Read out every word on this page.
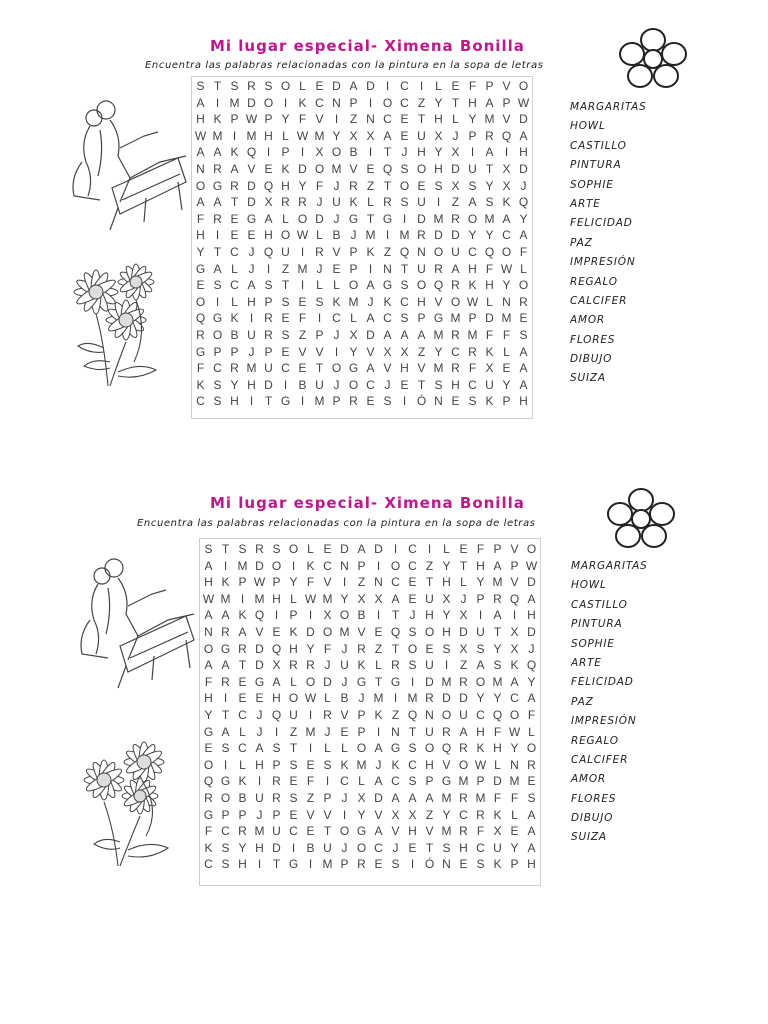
Mi lugar especial- Ximena Bonilla
Encuentra las palabras relacionadas con la pintura en la sopa de letras
S T S R S O L E D A D I C I L E F P V O
A I M D O I K C N P I O C Z Y T H A P W
H K P W P Y F V I Z N C E T H L Y M V D
W M I M H L W M Y X X A E U X J P R Q A
A A K Q I P I X O B I T J H Y X I A I H
N R A V E K D O M V E Q S O H D U T X D
O G R D Q H Y F J R Z T O E S X S Y X J
A A T D X R R J U K L R S U I Z A S K Q
F R E G A L O D J G T G I D M R O M A Y
H I E E H O W L B J M I M R D D Y Y C A
Y T C J Q U I R V P K Z Q N O U C Q O F
G A L J	I Z M J E P I N T U R A H F W L
E S C A S T I L L O A G S O Q R K H Y O
O I L H P S E S K M J K C H V O W L N R
Q G K I R E F I C L A C S P G M P D M E
R O B U R S Z P J X D A A A M R M F F S
G P P J P E V V I Y V X X Z Y C R K L A
F C R M U C E T O G A V H V M R F X E A
K S Y H D I B U J O C J E T S H C U Y A
C S H I T G I M P R E S I Ó N E S K P H
MARGARITAS
HOWL
CASTILLO
PINTURA
SOPHIE
ARTE
FELICIDAD
PAZ
IMPRESIÓN
REGALO
CALCIFER
AMOR
FLORES
DIBUJO
SUIZA
Mi lugar especial- Ximena Bonilla
Encuentra las palabras relacionadas con la pintura en la sopa de letras
S T S R S O L E D A D I C I L E F P V O
A I M D O I K C N P I O C Z Y T H A P W
H K P W P Y F V I Z N C E T H L Y M V D
W M I M H L W M Y X X A E U X J P R Q A
A A K Q I P I X O B I T J H Y X I A I H
N R A V E K D O M V E Q S O H D U T X D
O G R D Q H Y F J R Z T O E S X S Y X J
A A T D X R R J U K L R S U I Z A S K Q
F R E G A L O D J G T G I D M R O M A Y
H I E E H O W L B J M I M R D D Y Y C A
Y T C J Q U I R V P K Z Q N O U C Q O F
G A L J	I Z M J E P I N T U R A H F W L
E S C A S T I L L O A G S O Q R K H Y O
O I L H P S E S K M J K C H V O W L N R
Q G K I R E F I C L A C S P G M P D M E
R O B U R S Z P J X D A A A M R M F F S
G P P J P E V V I Y V X X Z Y C R K L A
F C R M U C E T O G A V H V M R F X E A
K S Y H D I B U J O C J E T S H C U Y A
C S H I T G I M P R E S I Ó N E S K P H
MARGARITAS
HOWL
CASTILLO
PINTURA
SOPHIE
ARTE
FELICIDAD
PAZ
IMPRESIÓN
REGALO
CALCIFER
AMOR
FLORES
DIBUJO
SUIZA
